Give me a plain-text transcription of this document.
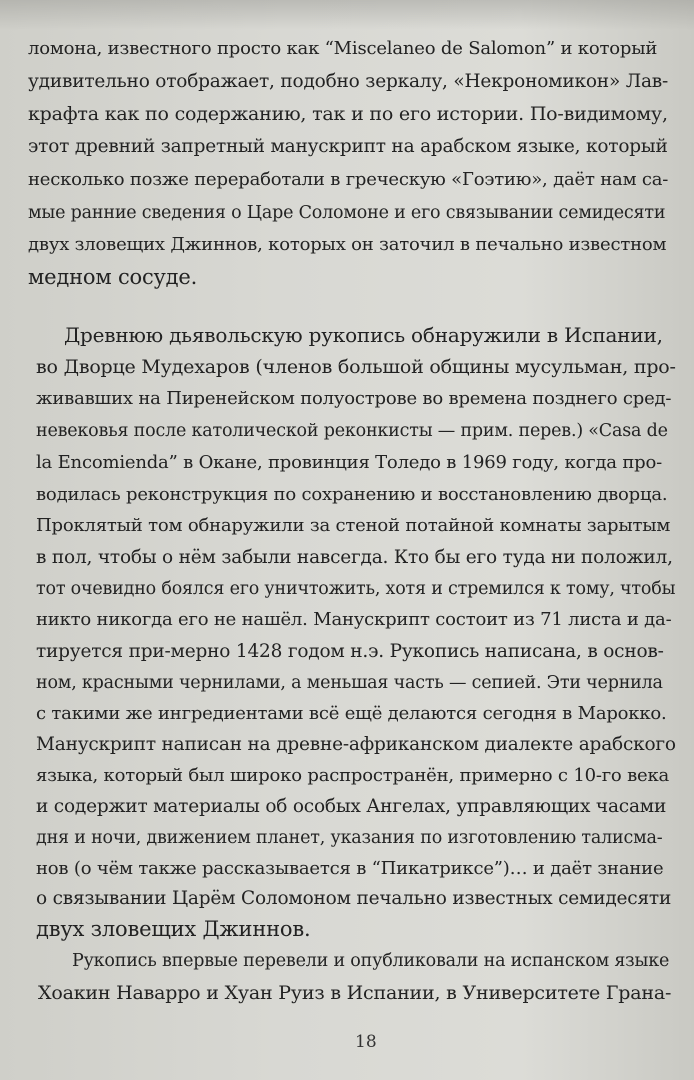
ломона, известного просто как “Miscelaneo de Salomon” и который
удивительно отображает, подобно зеркалу, «Некрономикон» Лав-
крафта как по содержанию, так и по его истории. По-видимому,
этот древний запретный манускрипт на арабском языке, который
несколько позже переработали в греческую «Гоэтию», даёт нам са-
мые ранние сведения о Царе Соломоне и его связывании семидесяти
двух зловещих Джиннов, которых он заточил в печально известном
медном сосуде.
Древнюю дьявольскую рукопись обнаружили в Испании,
во Дворце Мудехаров (членов большой общины мусульман, про-
живавших на Пиренейском полуострове во времена позднего сред-
невековья после католической реконкисты — прим. перев.) «Casa de
la Encomienda” в Окане, провинция Толедо в 1969 году, когда про-
водилась реконструкция по сохранению и восстановлению дворца.
Проклятый том обнаружили за стеной потайной комнаты зарытым
в пол, чтобы о нём забыли навсегда. Кто бы его туда ни положил,
тот очевидно боялся его уничтожить, хотя и стремился к тому, чтобы
никто никогда его не нашёл. Манускрипт состоит из 71 листа и да-
тируется при-мерно 1428 годом н.э. Рукопись написана, в основ-
ном, красными чернилами, а меньшая часть — сепией. Эти чернила
с такими же ингредиентами всё ещё делаются сегодня в Марокко.
Манускрипт написан на древне-африканском диалекте арабского
языка, который был широко распространён, примерно с 10-го века
и содержит материалы об особых Ангелах, управляющих часами
дня и ночи, движением планет, указания по изготовлению талисма-
нов (о чём также рассказывается в “Пикатриксе”)… и даёт знание
о связывании Царём Соломоном печально известных семидесяти
двух зловещих Джиннов.
Рукопись впервые перевели и опубликовали на испанском языке
Хоакин Наварро и Хуан Руиз в Испании, в Университете Грана-
18
